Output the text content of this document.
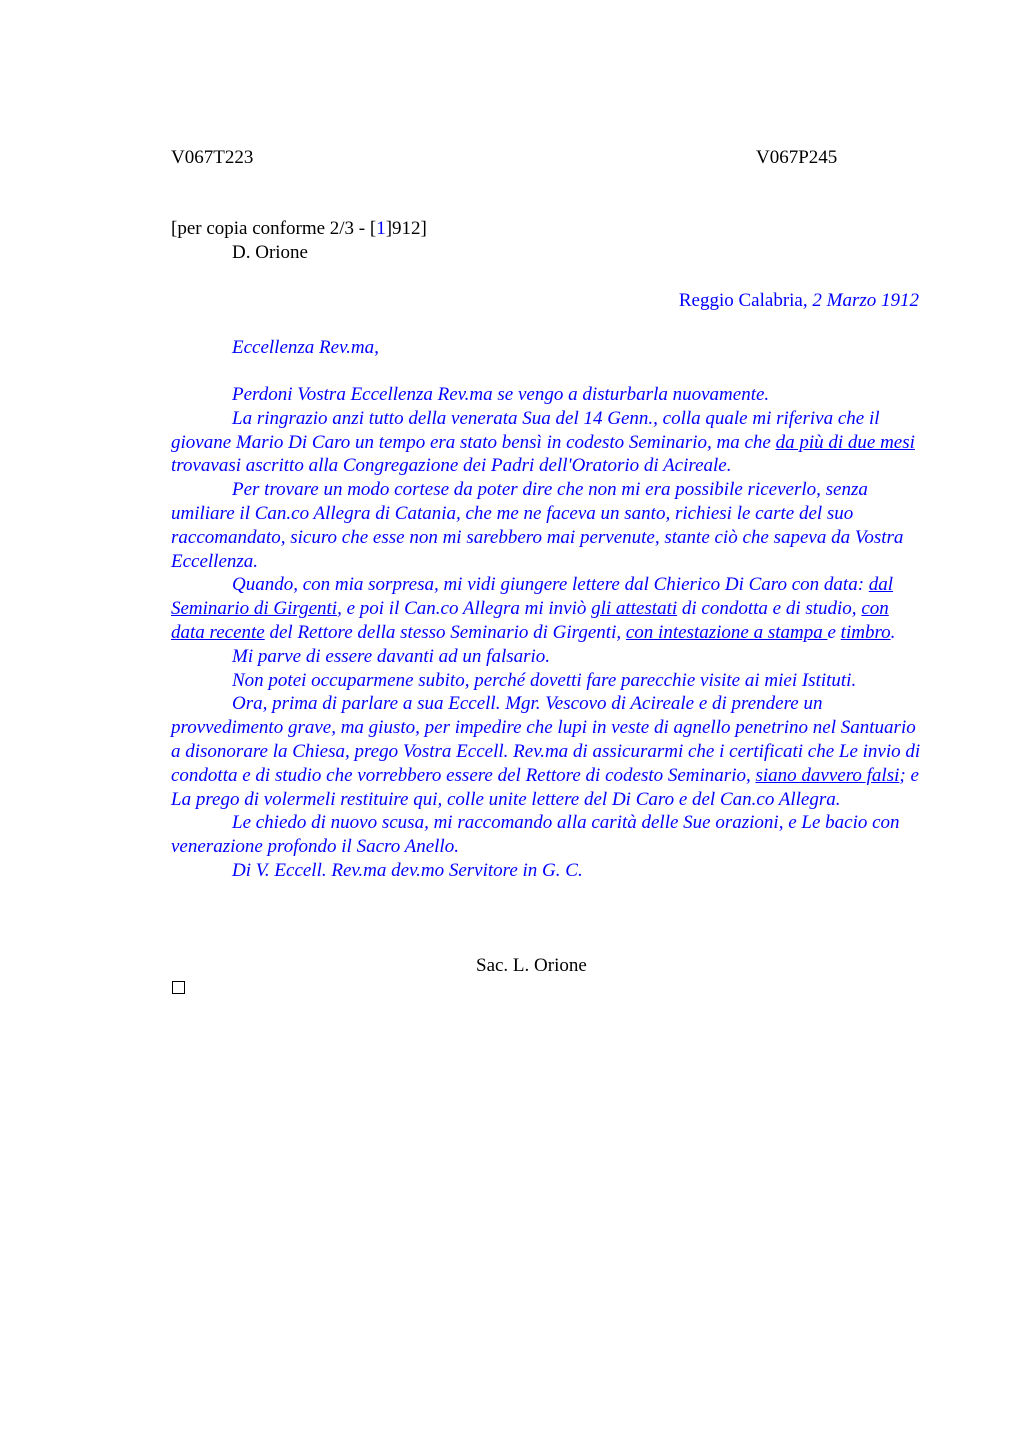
V067T223	V067P245
[per copia conforme 2/3 - [1]912]
D. Orione
Reggio Calabria, 2 Marzo 1912
Eccellenza Rev.ma,

Perdoni Vostra Eccellenza Rev.ma se vengo a disturbarla nuovamente.

La ringrazio anzi tutto della venerata Sua del 14 Genn., colla quale mi riferiva che il giovane Mario Di Caro un tempo era stato bensì in codesto Seminario, ma che da più di due mesi trovavasi ascritto alla Congregazione dei Padri dell'Oratorio di Acireale.

Per trovare un modo cortese da poter dire che non mi era possibile riceverlo, senza umiliare il Can.co Allegra di Catania, che me ne faceva un santo, richiesi le carte del suo raccomandato, sicuro che esse non mi sarebbero mai pervenute, stante ciò che sapeva da Vostra Eccellenza.

Quando, con mia sorpresa, mi vidi giungere lettere dal Chierico Di Caro con data: dal Seminario di Girgenti, e poi il Can.co Allegra mi inviò gli attestati di condotta e di studio, con data recente del Rettore della stesso Seminario di Girgenti, con intestazione a stampa e timbro.

Mi parve di essere davanti ad un falsario.

Non potei occuparmene subito, perché dovetti fare parecchie visite ai miei Istituti.

Ora, prima di parlare a sua Eccell. Mgr. Vescovo di Acireale e di prendere un provvedimento grave, ma giusto, per impedire che lupi in veste di agnello penetrino nel Santuario a disonorare la Chiesa, prego Vostra Eccell. Rev.ma di assicurarmi che i certificati che Le invio di condotta e di studio che vorrebbero essere del Rettore di codesto Seminario, siano davvero falsi; e La prego di volermeli restituire qui, colle unite lettere del Di Caro e del Can.co Allegra.

Le chiedo di nuovo scusa, mi raccomando alla carità delle Sue orazioni, e Le bacio con venerazione profondo il Sacro Anello.

Di V. Eccell. Rev.ma dev.mo Servitore in G. C.

Sac. L. Orione
